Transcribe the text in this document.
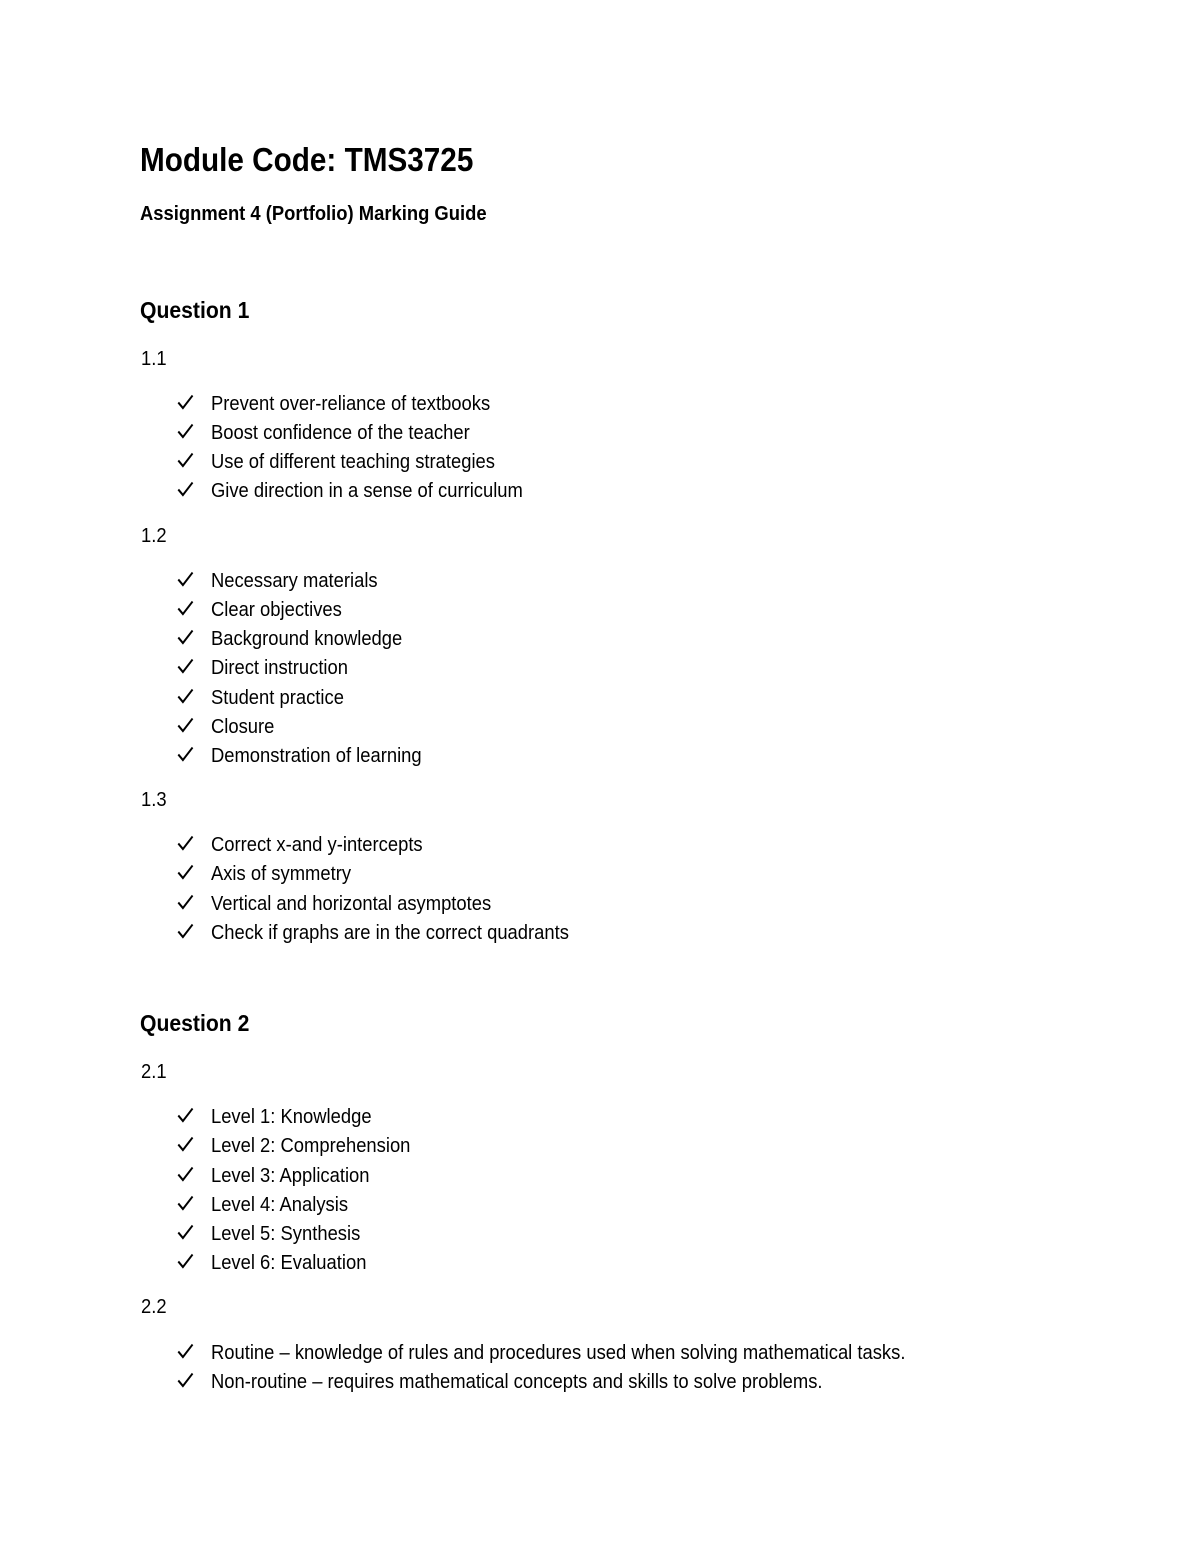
Module Code: TMS3725
Assignment 4 (Portfolio) Marking Guide
Question 1
1.1
Prevent over-reliance of textbooks
Boost confidence of the teacher
Use of different teaching strategies
Give direction in a sense of curriculum
1.2
Necessary materials
Clear objectives
Background knowledge
Direct instruction
Student practice
Closure
Demonstration of learning
1.3
Correct x-and y-intercepts
Axis of symmetry
Vertical and horizontal asymptotes
Check if graphs are in the correct quadrants
Question 2
2.1
Level 1: Knowledge
Level 2: Comprehension
Level 3: Application
Level 4: Analysis
Level 5: Synthesis
Level 6: Evaluation
2.2
Routine – knowledge of rules and procedures used when solving mathematical tasks.
Non-routine – requires mathematical concepts and skills to solve problems.
